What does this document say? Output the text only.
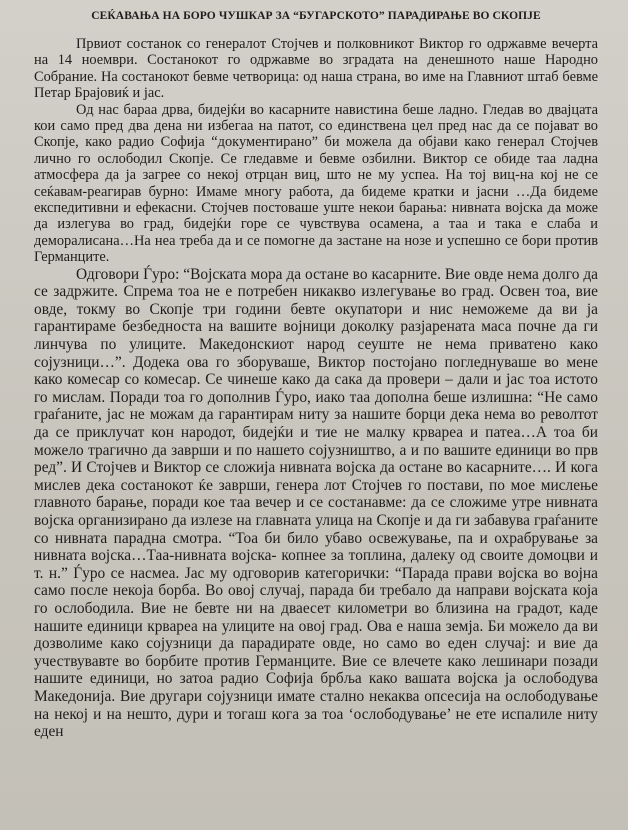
СЕЌАВАЊА НА БОРО ЧУШКАР ЗА “БУГАРСКОТО” ПАРАДИРАЊЕ ВО СКОПЈЕ

Првиот состанок со генералот Стојчев и полковникот Виктор го одржавме вечерта на 14 ноември. Состанокот го одржавме во зградата на денешното наше Народно Собрание. На состанокот бевме четворица: од наша страна, во име на Главниот штаб бевме Петар Брајовиќ и јас.

Од нас бараа дрва, бидејќи во касарните навистина беше ладно. Гледав во двајцата кои само пред два дена ни избегаа на патот, со единствена цел пред нас да се појават во Скопје, како радио Софија “документирано” би можела да објави како генерал Стојчев лично го ослободил Скопје. Се гледавме и бевме озбилни. Виктор се обиде таа ладна атмосфера да ја загрее со некој отрцан виц, што не му успеа. На тој виц-на кој не се сеќавам-реагирав бурно: Имаме многу работа, да бидеме кратки и јасни …Да бидеме експедитивни и ефекасни. Стојчев постоваше уште некои барања: нивната војска да може да излегува во град, бидејќи горе се чувствува осамена, а таа и така е слаба и деморалисана…На неа треба да и се помогне да застане на нозе и успешно се бори против Германците.

Одговори Ѓуро: “Војската мора да остане во касарните. Вие овде нема долго да се задржите. Спрема тоа не е потребен никакво излегување во град. Освен тоа, вие овде, токму во Скопје три години бевте окупатори и нис неможеме да ви ја гарантираме безбедноста на вашите војници доколку разјарената маса почне да ги линчува по улиците. Македонскиот народ сеуште не нема приватено како сојузници…”. Додека ова го зборуваше, Виктор постојано погледнуваше во мене како комесар со комесар. Се чинеше како да сака да провери – дали и јас тоа истото го мислам. Поради тоа го дополнив Ѓуро, иако таа дополна беше излишна: “Не само граѓаните, јас не можам да гарантирам ниту за нашите борци дека нема во револтот да се приклучат кон народот, бидејќи и тие не малку крвареа и патеа…А тоа би можело трагично да заврши и по нашето сојузништво, а и по вашите единици во прв ред”. И Стојчев и Виктор се сложија нивната војска да остане во касарните…. И кога мислев дека состанокот ќе заврши, генера лот Стојчев го постави, по мое мислење главното барање, поради кое таа вечер и се состанавме: да се сложиме утре нивната војска организирано да излезе на главната улица на Скопје и да ги забавува граѓаните со нивната парадна смотра. “Тоа би било убаво освежување, па и охрабрување за нивната војска…Таа-нивната војска- копнее за топлина, далеку од своите домоцви и т. н.” Ѓуро се насмеа. Јас му одговорив категорички: “Парада прави војска во војна само после некоја борба. Во овој случај, парада би требало да направи војската која го ослободила. Вие не бевте ни на дваесет километри во близина на градот, каде нашите единици крвареа на улиците на овој град. Ова е наша земја. Би можело да ви дозволиме како сојузници да парадирате овде, но само во еден случај: и вие да учествувавте во борбите против Германците. Вие се влечете како лешинари позади нашите единици, но затоа радио Софија брбља како вашата војска ја ослободува Македонија. Вие другари сојузници имате стално некаква опсесија на ослободување на некој и на нешто, дури и тогаш кога за тоа ‘ослободување’ не ете испалиле ниту еден
